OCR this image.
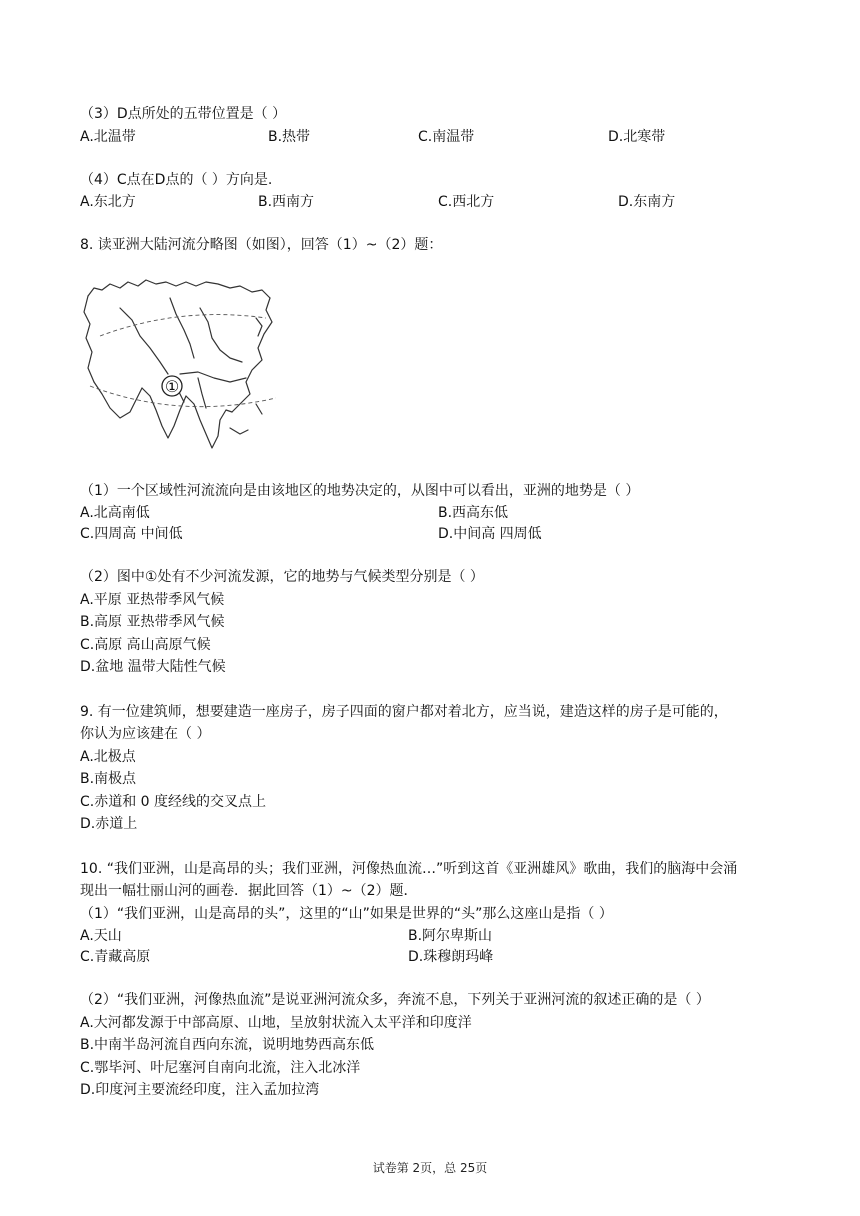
（3）D点所处的五带位置是（ ）
A.北温带	B.热带	C.南温带	D.北寒带
（4）C点在D点的（ ）方向是.
A.东北方	B.西南方	C.西北方	D.东南方
8. 读亚洲大陆河流分略图（如图），回答（1）~（2）题：
①
（1）一个区域性河流流向是由该地区的地势决定的，从图中可以看出，亚洲的地势是（ ）
A.北高南低	B.西高东低
C.四周高 中间低	D.中间高 四周低
（2）图中①处有不少河流发源，它的地势与气候类型分别是（ ）
A.平原 亚热带季风气候
B.高原 亚热带季风气候
C.高原 高山高原气候
D.盆地 温带大陆性气候
9. 有一位建筑师，想要建造一座房子，房子四面的窗户都对着北方，应当说，建造这样的房子是可能的，
你认为应该建在（ ）
A.北极点
B.南极点
C.赤道和 0 度经线的交叉点上
D.赤道上
10. “我们亚洲，山是高昂的头；我们亚洲，河像热血流…”听到这首《亚洲雄风》歌曲，我们的脑海中会涌
现出一幅壮丽山河的画卷．据此回答（1）~（2）题．
（1）“我们亚洲，山是高昂的头”，这里的“山”如果是世界的“头”那么这座山是指（ ）
A.天山	B.阿尔卑斯山
C.青藏高原	D.珠穆朗玛峰
（2）“我们亚洲，河像热血流”是说亚洲河流众多，奔流不息，下列关于亚洲河流的叙述正确的是（ ）
A.大河都发源于中部高原、山地，呈放射状流入太平洋和印度洋
B.中南半岛河流自西向东流，说明地势西高东低
C.鄂毕河、叶尼塞河自南向北流，注入北冰洋
D.印度河主要流经印度，注入孟加拉湾
试卷第 2页，总 25页
